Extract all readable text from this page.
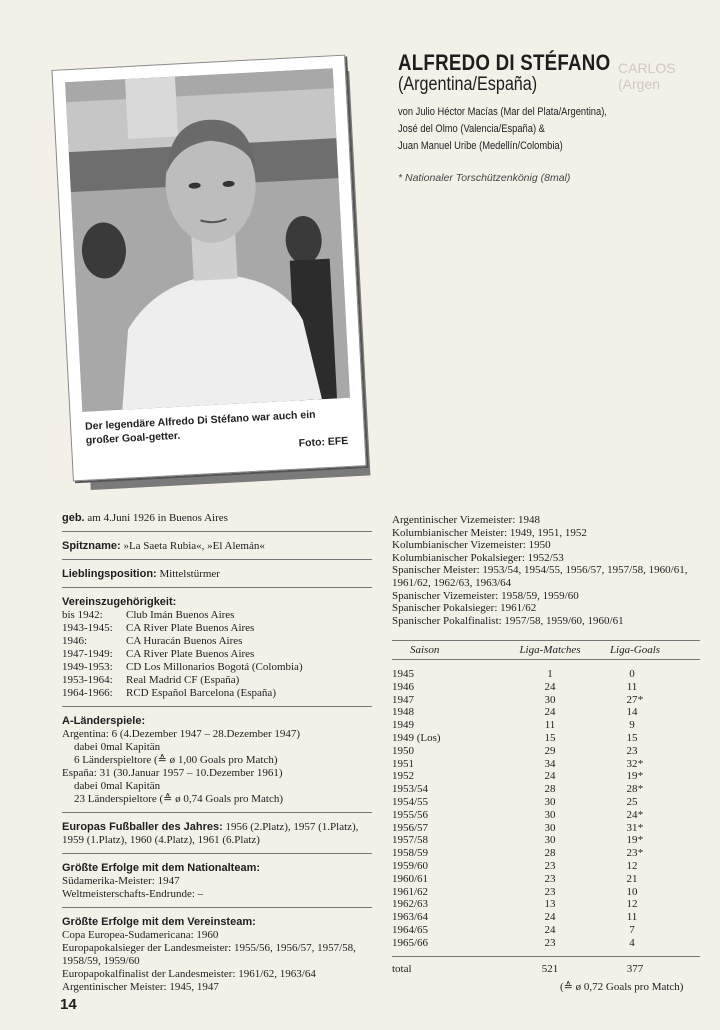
Der legendäre Alfredo Di Stéfano war auch ein großer Goal-getter.	Foto: EFE
CARLOS
(Argen
ALFREDO DI STÉFANO
(Argentina/España)
von Julio Héctor Macías (Mar del Plata/Argentina),
José del Olmo (Valencia/España) &
Juan Manuel Uribe (Medellín/Colombia)
* Nationaler Torschützenkönig (8mal)
geb. am 4.Juni 1926 in Buenos Aires
Spitzname: »La Saeta Rubia«, »El Alemán«
Lieblingsposition: Mittelstürmer
Vereinszugehörigkeit:
bis 1942:	Club Imán Buenos Aires
1943-1945:	CA River Plate Buenos Aires
1946:	CA Huracán Buenos Aires
1947-1949:	CA River Plate Buenos Aires
1949-1953:	CD Los Millonarios Bogotá (Colombia)
1953-1964:	Real Madrid CF (España)
1964-1966:	RCD Español Barcelona (España)
A-Länderspiele:
Argentina: 6 (4.Dezember 1947 – 28.Dezember 1947)
dabei 0mal Kapitän
6 Länderspieltore (≙ ø 1,00 Goals pro Match)
España: 31 (30.Januar 1957 – 10.Dezember 1961)
dabei 0mal Kapitän
23 Länderspieltore (≙ ø 0,74 Goals pro Match)
Europas Fußballer des Jahres: 1956 (2.Platz), 1957 (1.Platz), 1959 (1.Platz), 1960 (4.Platz), 1961 (6.Platz)
Größte Erfolge mit dem Nationalteam:
Südamerika-Meister: 1947
Weltmeisterschafts-Endrunde: –
Größte Erfolge mit dem Vereinsteam:
Copa Europea-Sudamericana: 1960
Europapokalsieger der Landesmeister: 1955/56, 1956/57, 1957/58, 1958/59, 1959/60
Europapokalfinalist der Landesmeister: 1961/62, 1963/64
Argentinischer Meister: 1945, 1947
Argentinischer Vizemeister: 1948
Kolumbianischer Meister: 1949, 1951, 1952
Kolumbianischer Vizemeister: 1950
Kolumbianischer Pokalsieger: 1952/53
Spanischer Meister: 1953/54, 1954/55, 1956/57, 1957/58, 1960/61, 1961/62, 1962/63, 1963/64
Spanischer Vizemeister: 1958/59, 1959/60
Spanischer Pokalsieger: 1961/62
Spanischer Pokalfinalist: 1957/58, 1959/60, 1960/61
Saison	Liga-Matches	Liga-Goals
1945	1	0
1946	24	11
1947	30	27*
1948	24	14
1949	11	9
1949 (Los)	15	15
1950	29	23
1951	34	32*
1952	24	19*
1953/54	28	28*
1954/55	30	25
1955/56	30	24*
1956/57	30	31*
1957/58	30	19*
1958/59	28	23*
1959/60	23	12
1960/61	23	21
1961/62	23	10
1962/63	13	12
1963/64	24	11
1964/65	24	7
1965/66	23	4
total	521	377
(≙ ø 0,72 Goals pro Match)
14
